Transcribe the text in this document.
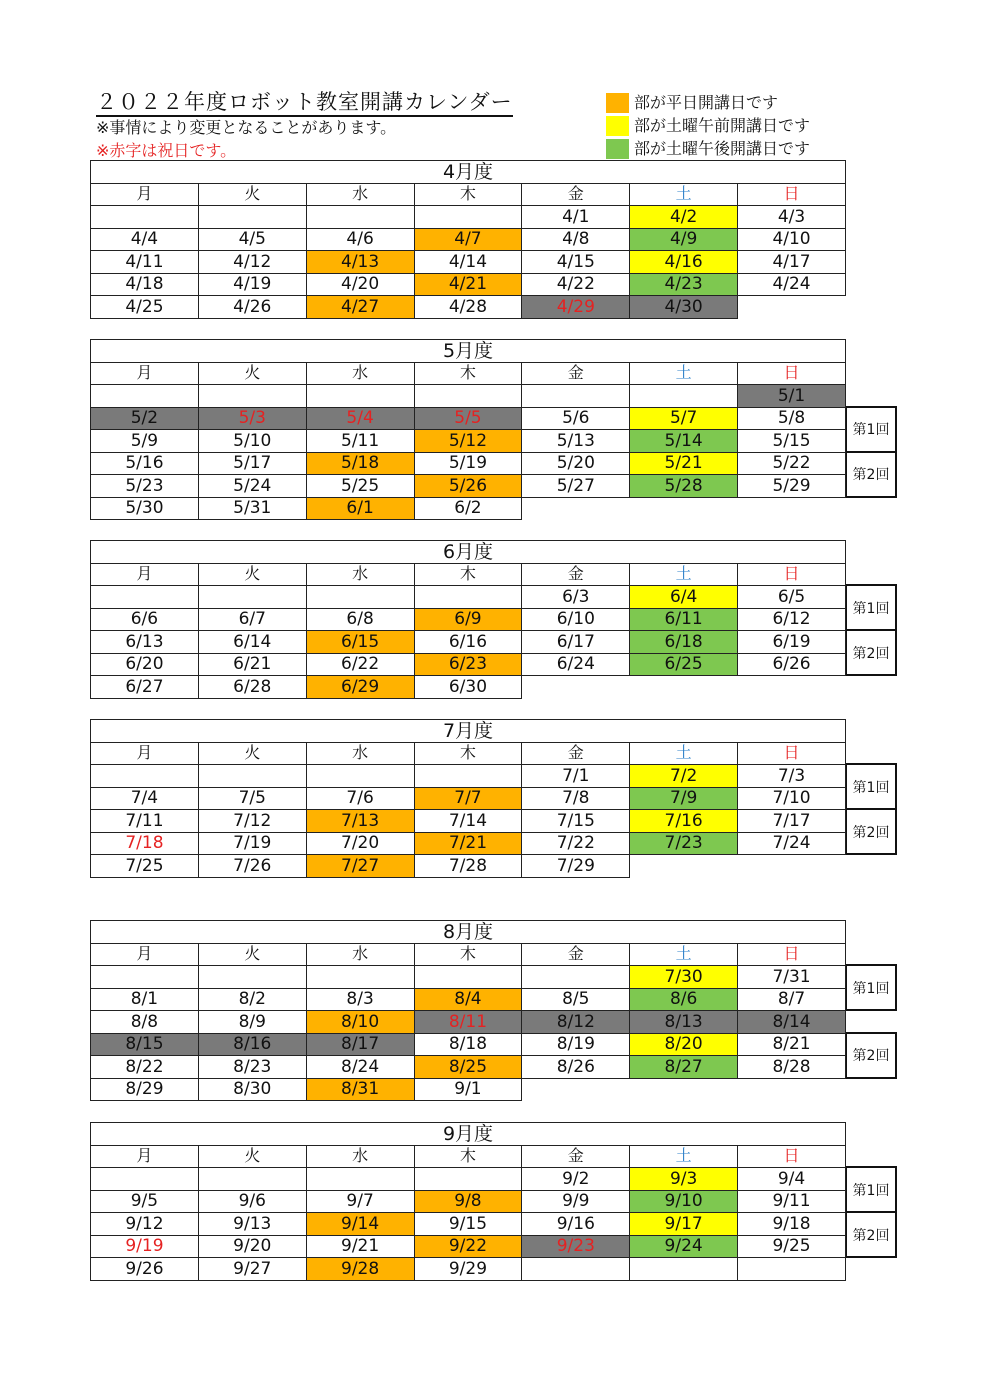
２０２２年度ロボット教室開講カレンダー
※事情により変更となることがあります。
※赤字は祝日です。
部が平日開講日です
部が土曜午前開講日です
部が土曜午後開講日です
4月度						
月	火	水	木	金	土	日
				4/1	4/2	4/3
4/4	4/5	4/6	4/7	4/8	4/9	4/10
4/11	4/12	4/13	4/14	4/15	4/16	4/17
4/18	4/19	4/20	4/21	4/22	4/23	4/24
4/25	4/26	4/27	4/28	4/29	4/30	
5月度						
月	火	水	木	金	土	日
						5/1
5/2	5/3	5/4	5/5	5/6	5/7	5/8
5/9	5/10	5/11	5/12	5/13	5/14	5/15
5/16	5/17	5/18	5/19	5/20	5/21	5/22
5/23	5/24	5/25	5/26	5/27	5/28	5/29
5/30	5/31	6/1	6/2			
第1回
第2回
6月度						
月	火	水	木	金	土	日
				6/3	6/4	6/5
6/6	6/7	6/8	6/9	6/10	6/11	6/12
6/13	6/14	6/15	6/16	6/17	6/18	6/19
6/20	6/21	6/22	6/23	6/24	6/25	6/26
6/27	6/28	6/29	6/30			
第1回
第2回
7月度						
月	火	水	木	金	土	日
				7/1	7/2	7/3
7/4	7/5	7/6	7/7	7/8	7/9	7/10
7/11	7/12	7/13	7/14	7/15	7/16	7/17
7/18	7/19	7/20	7/21	7/22	7/23	7/24
7/25	7/26	7/27	7/28	7/29		
第1回
第2回
8月度						
月	火	水	木	金	土	日
					7/30	7/31
8/1	8/2	8/3	8/4	8/5	8/6	8/7
8/8	8/9	8/10	8/11	8/12	8/13	8/14
8/15	8/16	8/17	8/18	8/19	8/20	8/21
8/22	8/23	8/24	8/25	8/26	8/27	8/28
8/29	8/30	8/31	9/1			
第1回
第2回
9月度						
月	火	水	木	金	土	日
				9/2	9/3	9/4
9/5	9/6	9/7	9/8	9/9	9/10	9/11
9/12	9/13	9/14	9/15	9/16	9/17	9/18
9/19	9/20	9/21	9/22	9/23	9/24	9/25
9/26	9/27	9/28	9/29			
第1回
第2回
